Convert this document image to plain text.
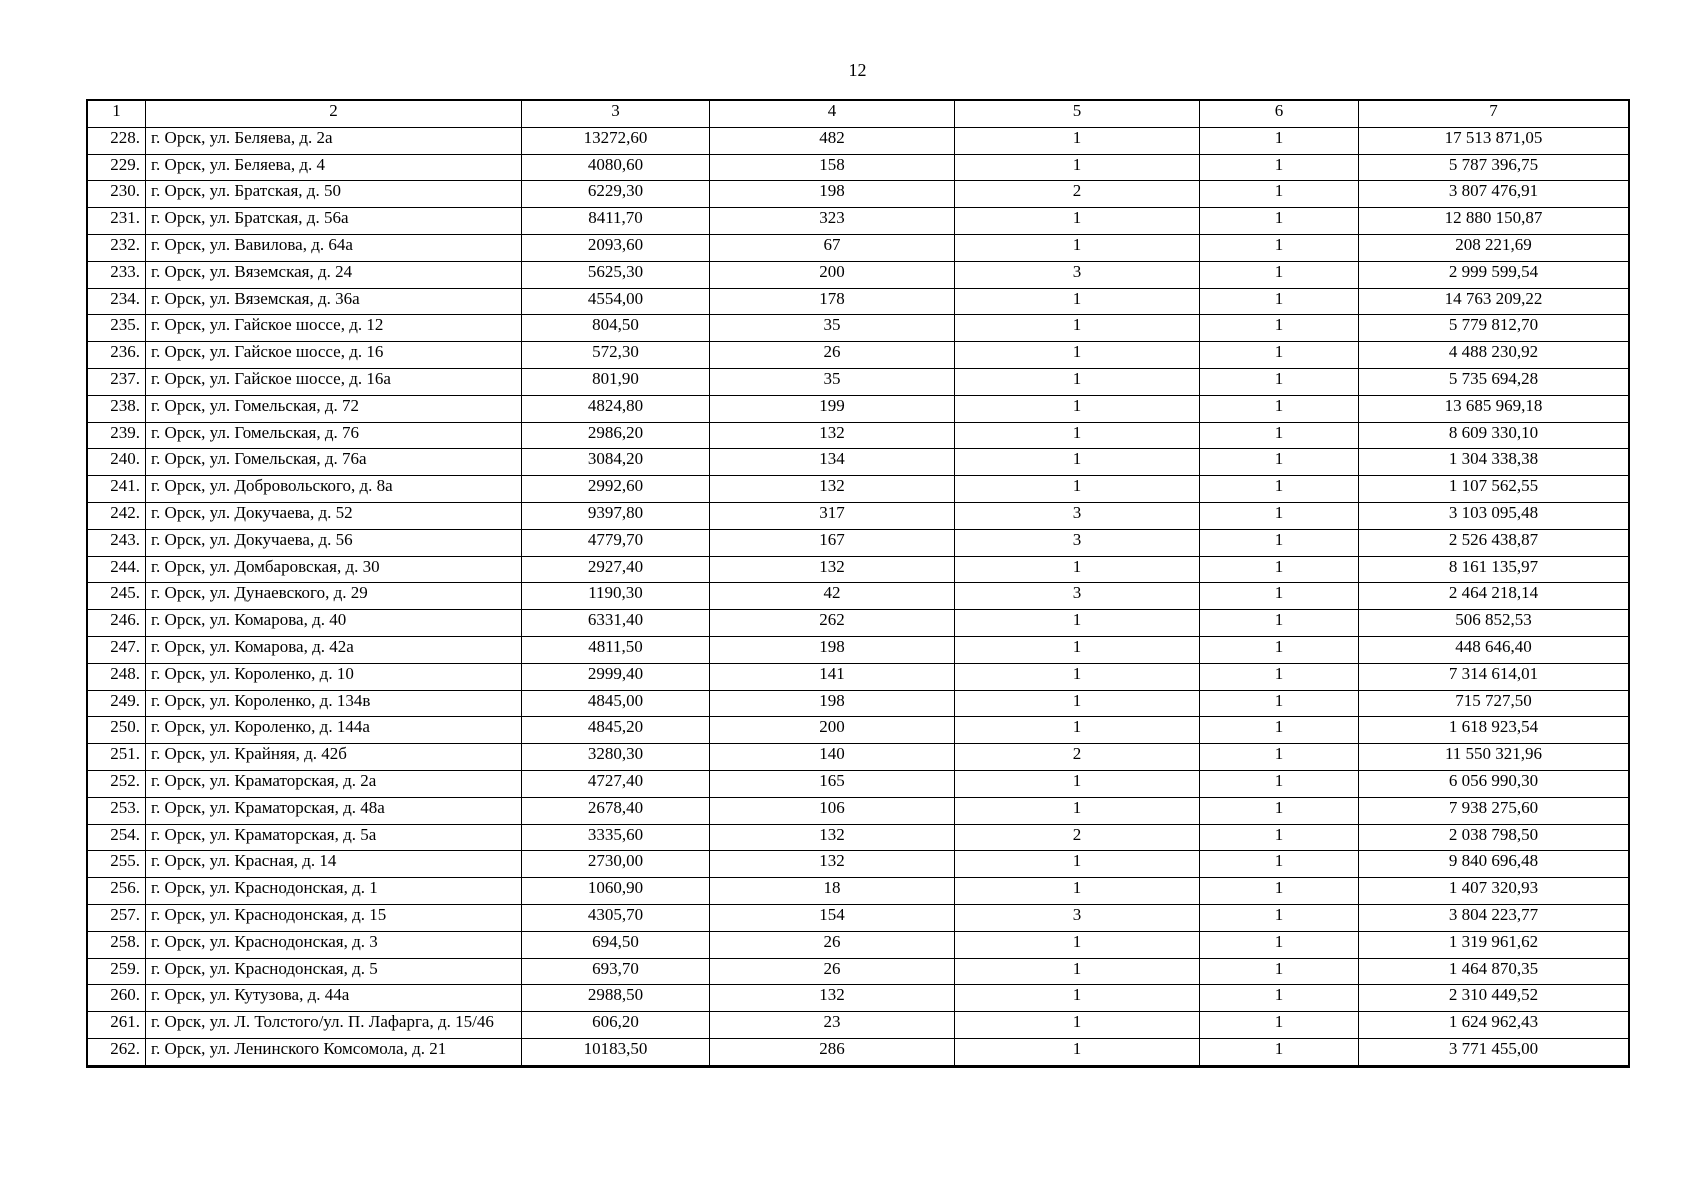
12
1	2	3	4	5	6	7
228.	г. Орск, ул. Беляева, д. 2а	13272,60	482	1	1	17 513 871,05
229.	г. Орск, ул. Беляева, д. 4	4080,60	158	1	1	5 787 396,75
230.	г. Орск, ул. Братская, д. 50	6229,30	198	2	1	3 807 476,91
231.	г. Орск, ул. Братская, д. 56а	8411,70	323	1	1	12 880 150,87
232.	г. Орск, ул. Вавилова, д. 64а	2093,60	67	1	1	208 221,69
233.	г. Орск, ул. Вяземская, д. 24	5625,30	200	3	1	2 999 599,54
234.	г. Орск, ул. Вяземская, д. 36а	4554,00	178	1	1	14 763 209,22
235.	г. Орск, ул. Гайское шоссе, д. 12	804,50	35	1	1	5 779 812,70
236.	г. Орск, ул. Гайское шоссе, д. 16	572,30	26	1	1	4 488 230,92
237.	г. Орск, ул. Гайское шоссе, д. 16а	801,90	35	1	1	5 735 694,28
238.	г. Орск, ул. Гомельская, д. 72	4824,80	199	1	1	13 685 969,18
239.	г. Орск, ул. Гомельская, д. 76	2986,20	132	1	1	8 609 330,10
240.	г. Орск, ул. Гомельская, д. 76а	3084,20	134	1	1	1 304 338,38
241.	г. Орск, ул. Добровольского, д. 8а	2992,60	132	1	1	1 107 562,55
242.	г. Орск, ул. Докучаева, д. 52	9397,80	317	3	1	3 103 095,48
243.	г. Орск, ул. Докучаева, д. 56	4779,70	167	3	1	2 526 438,87
244.	г. Орск, ул. Домбаровская, д. 30	2927,40	132	1	1	8 161 135,97
245.	г. Орск, ул. Дунаевского, д. 29	1190,30	42	3	1	2 464 218,14
246.	г. Орск, ул. Комарова, д. 40	6331,40	262	1	1	506 852,53
247.	г. Орск, ул. Комарова, д. 42а	4811,50	198	1	1	448 646,40
248.	г. Орск, ул. Короленко, д. 10	2999,40	141	1	1	7 314 614,01
249.	г. Орск, ул. Короленко, д. 134в	4845,00	198	1	1	715 727,50
250.	г. Орск, ул. Короленко, д. 144а	4845,20	200	1	1	1 618 923,54
251.	г. Орск, ул. Крайняя, д. 42б	3280,30	140	2	1	11 550 321,96
252.	г. Орск, ул. Краматорская, д. 2а	4727,40	165	1	1	6 056 990,30
253.	г. Орск, ул. Краматорская, д. 48а	2678,40	106	1	1	7 938 275,60
254.	г. Орск, ул. Краматорская, д. 5а	3335,60	132	2	1	2 038 798,50
255.	г. Орск, ул. Красная, д. 14	2730,00	132	1	1	9 840 696,48
256.	г. Орск, ул. Краснодонская, д. 1	1060,90	18	1	1	1 407 320,93
257.	г. Орск, ул. Краснодонская, д. 15	4305,70	154	3	1	3 804 223,77
258.	г. Орск, ул. Краснодонская, д. 3	694,50	26	1	1	1 319 961,62
259.	г. Орск, ул. Краснодонская, д. 5	693,70	26	1	1	1 464 870,35
260.	г. Орск, ул. Кутузова, д. 44а	2988,50	132	1	1	2 310 449,52
261.	г. Орск, ул. Л. Толстого/ул. П. Лафарга, д. 15/46	606,20	23	1	1	1 624 962,43
262.	г. Орск, ул. Ленинского Комсомола, д. 21	10183,50	286	1	1	3 771 455,00
